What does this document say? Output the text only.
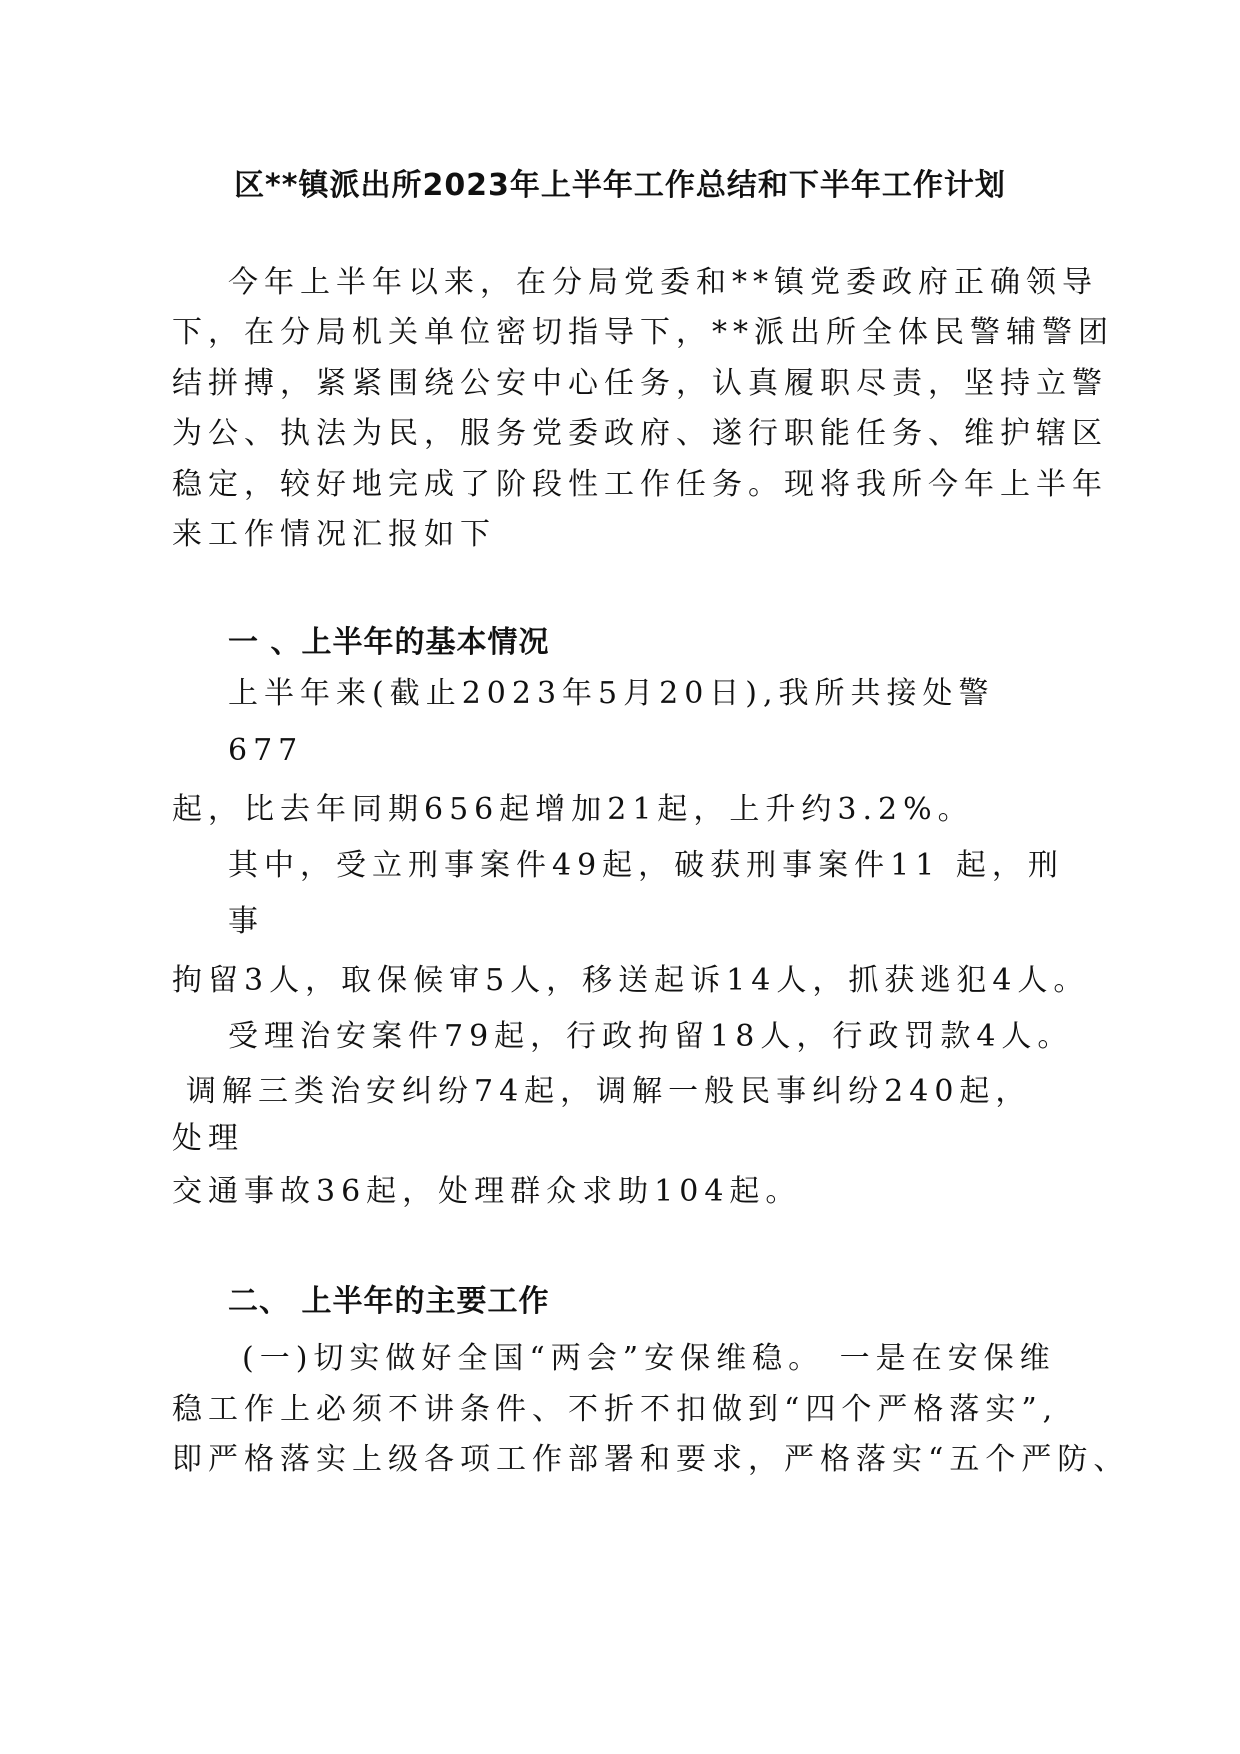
区**镇派出所2023年上半年工作总结和下半年工作计划
今年上半年以来，在分局党委和**镇党委政府正确领导
下，在分局机关单位密切指导下，**派出所全体民警辅警团
结拼搏，紧紧围绕公安中心任务，认真履职尽责，坚持立警
为公、执法为民，服务党委政府、遂行职能任务、维护辖区
稳定，较好地完成了阶段性工作任务。现将我所今年上半年
来工作情况汇报如下
一 、上半年的基本情况
上半年来(截止2023年5月20日),我所共接处警
677
起，比去年同期656起增加21起，上升约3.2%。
其中，受立刑事案件49起，破获刑事案件11 起，刑
事
拘留3人，取保候审5人，移送起诉14人，抓获逃犯4人。
受理治安案件79起，行政拘留18人，行政罚款4人。
调解三类治安纠纷74起，调解一般民事纠纷240起，
处理
交通事故36起，处理群众求助104起。
二、 上半年的主要工作
(一)切实做好全国“两会”安保维稳。 一是在安保维
稳工作上必须不讲条件、不折不扣做到“四个严格落实”,
即严格落实上级各项工作部署和要求，严格落实“五个严防、
